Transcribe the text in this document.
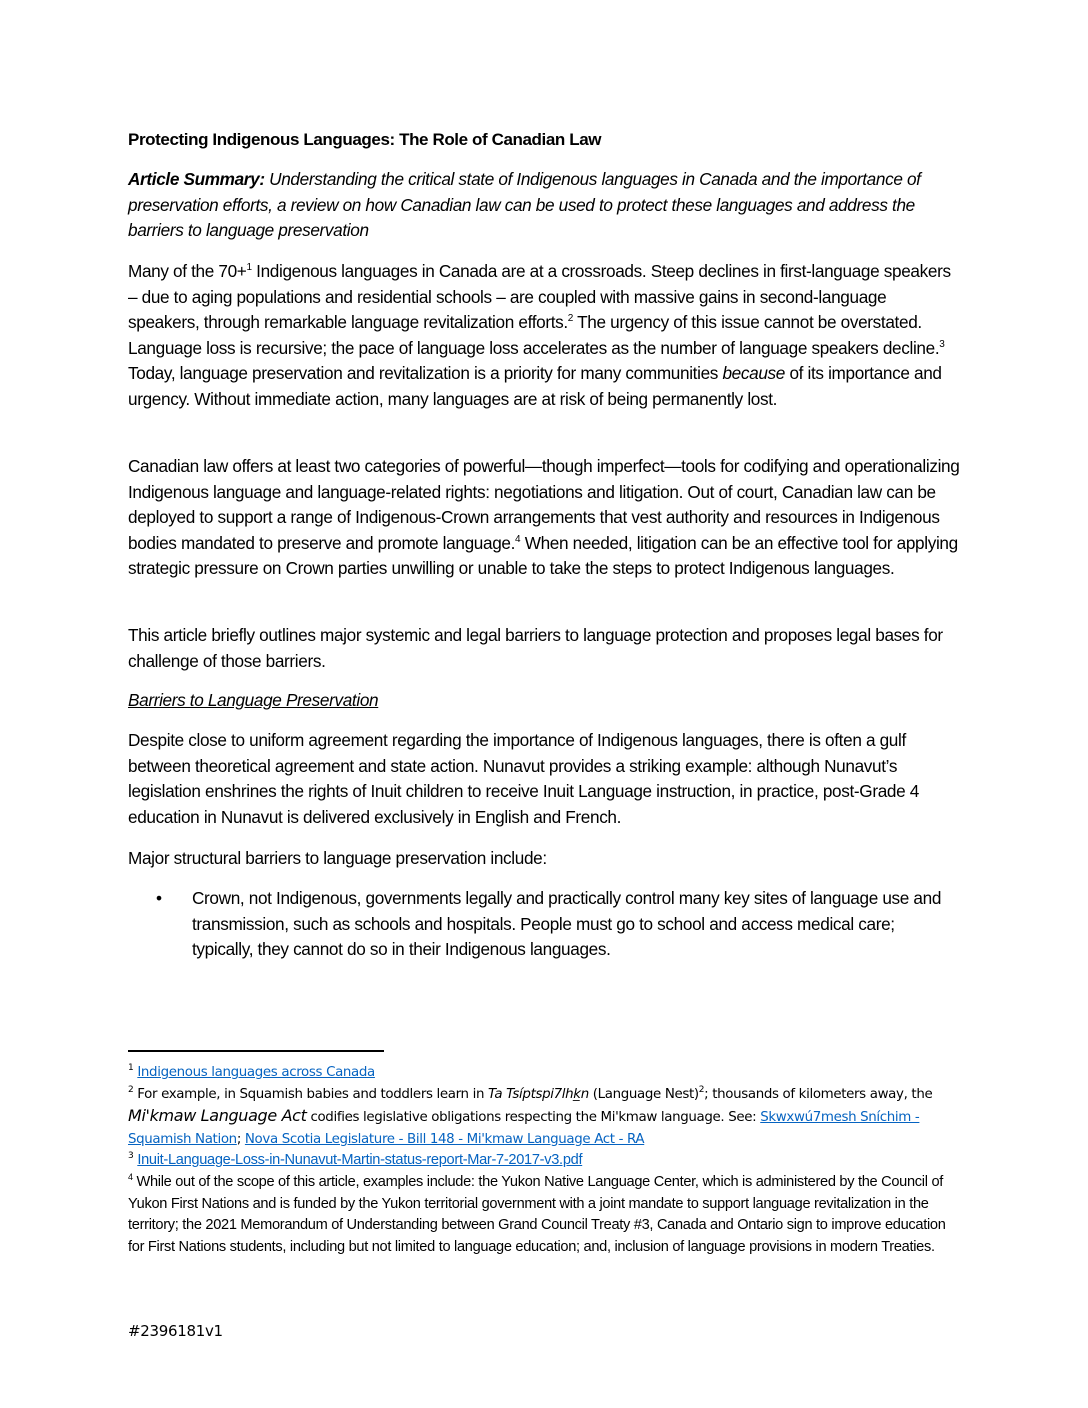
Protecting Indigenous Languages: The Role of Canadian Law

Article Summary: Understanding the critical state of Indigenous languages in Canada and the importance of preservation efforts, a review on how Canadian law can be used to protect these languages and address the barriers to language preservation

Many of the 70+$^1$ Indigenous languages in Canada are at a crossroads. Steep declines in first-language speakers – due to aging populations and residential schools – are coupled with massive gains in second-language speakers, through remarkable language revitalization efforts.$^2$ The urgency of this issue cannot be overstated. Language loss is recursive; the pace of language loss accelerates as the number of language speakers decline.$^3$ Today, language preservation and revitalization is a priority for many communities because of its importance and urgency. Without immediate action, many languages are at risk of being permanently lost.

Canadian law offers at least two categories of powerful—though imperfect—tools for codifying and operationalizing Indigenous language and language-related rights: negotiations and litigation. Out of court, Canadian law can be deployed to support a range of Indigenous-Crown arrangements that vest authority and resources in Indigenous bodies mandated to preserve and promote language.$^4$ When needed, litigation can be an effective tool for applying strategic pressure on Crown parties unwilling or unable to take the steps to protect Indigenous languages.

This article briefly outlines major systemic and legal barriers to language protection and proposes legal bases for challenge of those barriers.

Barriers to Language Preservation

Despite close to uniform agreement regarding the importance of Indigenous languages, there is often a gulf between theoretical agreement and state action. Nunavut provides a striking example: although Nunavut’s legislation enshrines the rights of Inuit children to receive Inuit Language instruction, in practice, post-Grade 4 education in Nunavut is delivered exclusively in English and French.

Major structural barriers to language preservation include:

•	Crown, not Indigenous, governments legally and practically control many key sites of language use and transmission, such as schools and hospitals. People must go to school and access medical care; typically, they cannot do so in their Indigenous languages.

$^1$ Indigenous languages across Canada

$^2$ For example, in Squamish babies and toddlers learn in Ta Tsíptspi7lhk̲n (Language Nest)$^2$; thousands of kilometers away, the Mi'kmaw Language Act codifies legislative obligations respecting the Mi'kmaw language. See: Skwxwú7mesh Sníchim - Squamish Nation; Nova Scotia Legislature - Bill 148 - Mi'kmaw Language Act - RA

$^3$ Inuit-Language-Loss-in-Nunavut-Martin-status-report-Mar-7-2017-v3.pdf

$^4$ While out of the scope of this article, examples include: the Yukon Native Language Center, which is administered by the Council of Yukon First Nations and is funded by the Yukon territorial government with a joint mandate to support language revitalization in the territory; the 2021 Memorandum of Understanding between Grand Council Treaty #3, Canada and Ontario sign to improve education for First Nations students, including but not limited to language education; and, inclusion of language provisions in modern Treaties.

#2396181v1
